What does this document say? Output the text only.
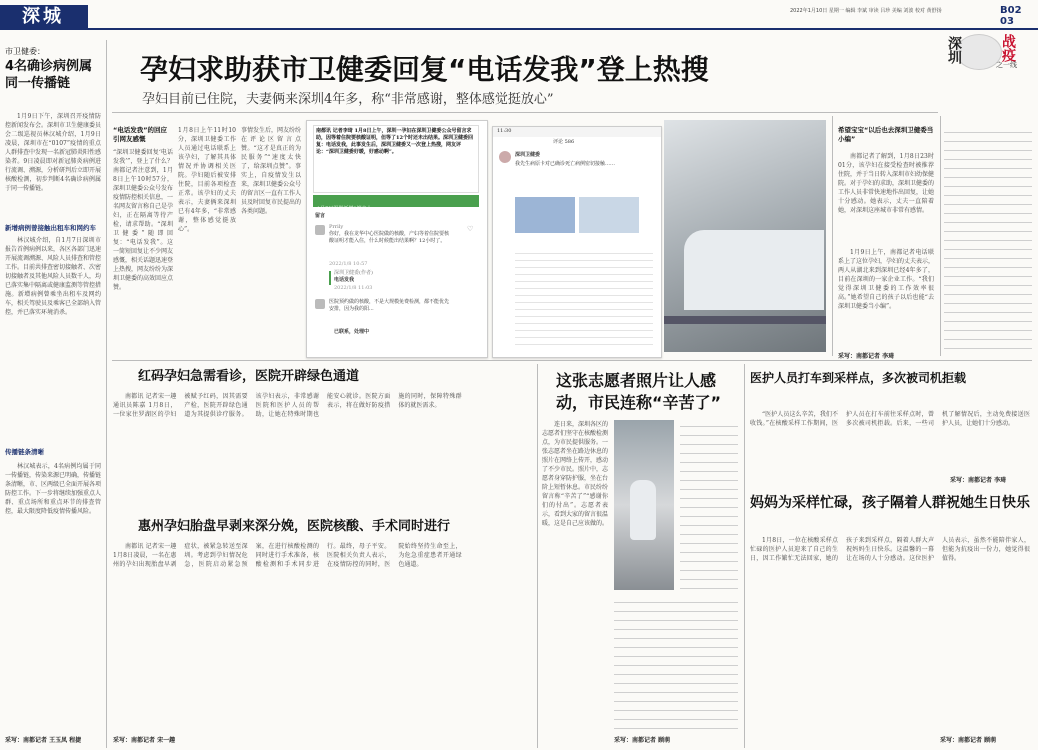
深城	2022年1月10日 星期一 编辑 李斌 审读 吕珍 美编 刘波 校对 黄舒扬	B02 03
深圳	战疫
之一线
市卫健委：
4名确诊病例属同一传播链
1月9日下午，深圳召开疫情防控新闻发布会。深圳市卫生健康委员会二级巡视员林汉城介绍，1月9日凌晨，深圳市在“0107”疫情的重点人群排查中发现一名新冠肺炎阳性感染者。9日凌晨即对新冠肺炎病例进行流调、溯源，分析研判后立即开展核酸检测，初步判断4名确诊病例属于同一传播链。
新增病例曾接触出租车和网约车
林汉城介绍，自1月7日深圳市报告首例病例以来，各区各部门迅速开展流调溯源、风险人员排查和管控工作。目前共排查密切接触者、次密切接触者及其他风险人员数千人，均已落实集中隔离或健康监测等管控措施。新增病例曾乘坐出租车及网约车，相关驾驶员及乘客已全部纳入管控，并已落实环境消杀。
传播链条清晰
林汉城表示，4名病例均属于同一传播链，传染来源已明确，传播链条清晰，市、区两级已全面开展各项防控工作。下一步将继续加强重点人群、重点场所和重点环节的排查管控，最大限度降低疫情传播风险。
采写：南都记者 王玉凤 程捷
孕妇求助获市卫健委回复“电话发我”登上热搜
孕妇目前已住院，夫妻俩来深圳4年多，称“非常感谢，整体感觉挺放心”
“电话发我”的回应引网友感慨
“深圳卫健委回复‘电话发我’”，登上了什么？南都记者注意到，1月8日上午10时57分，深圳卫健委公众号发布疫情防控相关信息，一名网友留言称自己是孕妇，正在隔离等待产检，请求帮助。“深圳卫健委”随即回复：“电话发我”。这一简短回复让不少网友感慨，相关话题迅速登上热搜，网友纷纷为深圳卫健委的高效回应点赞。
1月8日上午11时10分，深圳卫健委工作人员通过电话联系上该孕妇，了解其具体情况并协调相关医院。孕妇随后被安排住院，目前各项检查正常。该孕妇的丈夫表示，夫妻俩来深圳已有4年多，“非常感谢，整体感觉挺放心”。
事情发生后，网友纷纷在评论区留言点赞。“这才是真正的为民服务”“速度太快了，给深圳点赞”。事实上，自疫情发生以来，深圳卫健委公众号的留言区一直有工作人员及时回复市民提出的各类问题。
南都讯 记者李琦 1月8日上午，深圳一孕妇在深圳卫健委公众号留言求助，因等着住院要核酸证明，但等了12个时还未出结果。深圳卫健委回复：电话发我，此事发生后，深圳卫健委又一次登上热搜，网友评论：“深圳卫健委好暖，好感动啊”。
1月7日深圳新增2例本土...
留言
Prrily
你好，我在龙华中心医院做的核酸，产妇等着住院要核酸证明才能入住，什么时候能出结果啊？12小时了。
2022/1/8 10:57
深圳卫健委(作者)
电话发我
2022/1/8 11:03
医院预约做的核酸，不是大规模免费检测，都不能优先安排，因为我的阳...
已联系，处理中
♡
11:30
评论 586
深圳卫健委
我先生病原卡对已确诊死亡病例密切接触……
希望宝宝“以后也去深圳卫健委当小编”
南都记者了解到，1月8日23时01分，该孕妇在接受检查时被推荐住院，并于当日转入深圳市妇幼保健院。对于孕妇的求助，深圳卫健委的工作人员非常快速地作出回复，让她十分感动。她表示，丈夫一直陪着她，对深圳这座城市非常有感情。
1月9日上午，南都记者电话联系上了这位孕妇，孕妇的丈夫表示，两人从湖北来到深圳已经4年多了，目前在深圳的一家企业工作。“我们觉得深圳卫健委的工作效率很高。”她希望自己的孩子以后也能“去深圳卫健委当小编”。
采写：南都记者 李琦
红码孕妇急需看诊，医院开辟绿色通道
南都讯 记者宋一趣 通讯员陈嘉 1月8日，一位家住罗湖区的孕妇被赋予红码，因其需要产检，医院开辟绿色通道为其提供诊疗服务。该孕妇表示，非常感谢医院和医护人员的帮助，让她在特殊时期也能安心就诊。医院方面表示，将在做好防疫措施的同时，保障特殊群体的就医需求。
惠州孕妇胎盘早剥来深分娩，医院核酸、手术同时进行
南都讯 记者宋一趣 1月8日凌晨，一名在惠州的孕妇出现胎盘早剥症状，被紧急转送至深圳。考虑到孕妇情况危急，医院启动紧急预案，在进行核酸检测的同时进行手术准备，核酸检测和手术同步进行。最终，母子平安。医院相关负责人表示，在疫情防控的同时，医院始终坚持生命至上，为危急重症患者开通绿色通道。
采写：南都记者 宋一趣
这张志愿者照片让人感动，市民连称“辛苦了”
连日来，深圳各区的志愿者们坚守在核酸检测点，为市民提供服务。一张志愿者坐在路边休息的照片在网络上传开，感动了不少市民。照片中，志愿者身穿防护服，坐在台阶上短暂休息。市民纷纷留言称“辛苦了”“感谢你们的付出”。志愿者表示，看到大家的留言很温暖，这是自己应该做的。
采写：南都记者 顾萌
医护人员打车到采样点，多次被司机拒载
“医护人员这么辛苦，我们不收钱。”在核酸采样工作期间，医护人员在打车前往采样点时，曾多次被司机拒载。后来，一些司机了解情况后，主动免费接送医护人员，让她们十分感动。
采写：南都记者 李琦
妈妈为采样忙碌，孩子隔着人群祝她生日快乐
1月8日，一位在核酸采样点忙碌的医护人员迎来了自己的生日，因工作繁忙无法回家，她的孩子来到采样点，隔着人群大声祝妈妈生日快乐。这温馨的一幕让在场的人十分感动。这位医护人员表示，虽然不能陪伴家人，但能为抗疫出一份力，她觉得很值得。
采写：南都记者 顾萌
